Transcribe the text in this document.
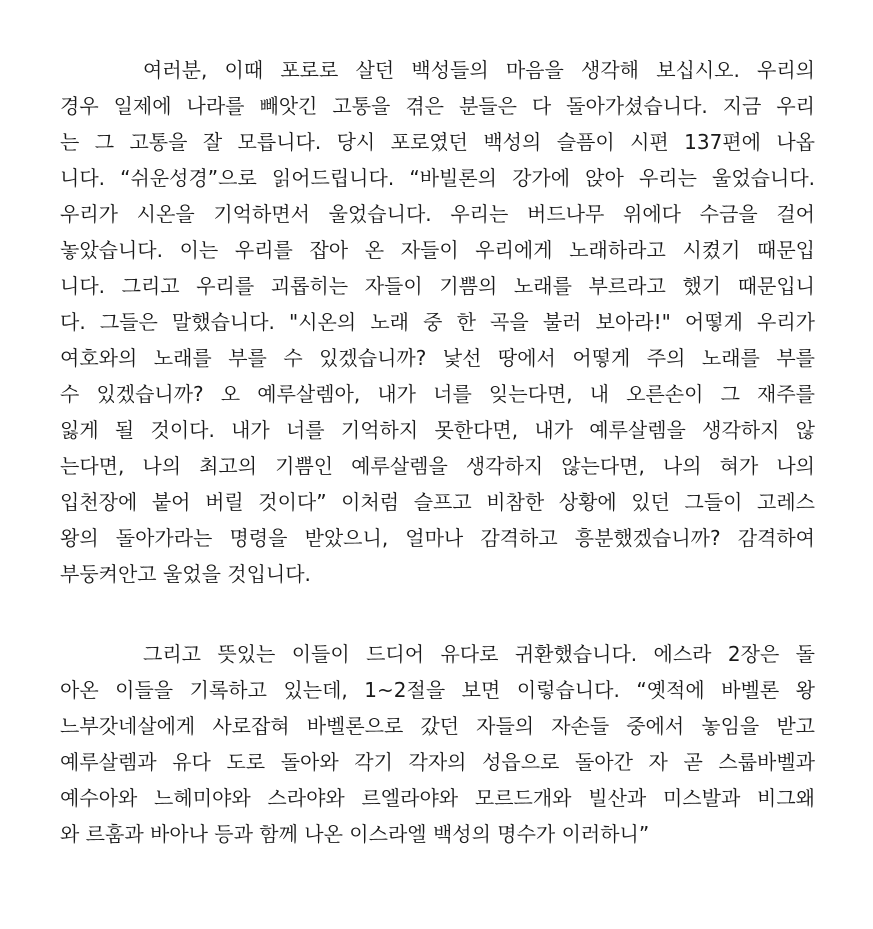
여러분, 이때 포로로 살던 백성들의 마음을 생각해 보십시오. 우리의
경우 일제에 나라를 빼앗긴 고통을 겪은 분들은 다 돌아가셨습니다. 지금 우리
는 그 고통을 잘 모릅니다. 당시 포로였던 백성의 슬픔이 시편 137편에 나옵
니다. “쉬운성경”으로 읽어드립니다. “바빌론의 강가에 앉아 우리는 울었습니다.
우리가 시온을 기억하면서 울었습니다. 우리는 버드나무 위에다 수금을 걸어
놓았습니다. 이는 우리를 잡아 온 자들이 우리에게 노래하라고 시켰기 때문입
니다. 그리고 우리를 괴롭히는 자들이 기쁨의 노래를 부르라고 했기 때문입니
다. 그들은 말했습니다. "시온의 노래 중 한 곡을 불러 보아라!" 어떻게 우리가
여호와의 노래를 부를 수 있겠습니까? 낯선 땅에서 어떻게 주의 노래를 부를
수 있겠습니까? 오 예루살렘아, 내가 너를 잊는다면, 내 오른손이 그 재주를
잃게 될 것이다. 내가 너를 기억하지 못한다면, 내가 예루살렘을 생각하지 않
는다면, 나의 최고의 기쁨인 예루살렘을 생각하지 않는다면, 나의 혀가 나의
입천장에 붙어 버릴 것이다” 이처럼 슬프고 비참한 상황에 있던 그들이 고레스
왕의 돌아가라는 명령을 받았으니, 얼마나 감격하고 흥분했겠습니까? 감격하여
부둥켜안고 울었을 것입니다.
그리고 뜻있는 이들이 드디어 유다로 귀환했습니다. 에스라 2장은 돌
아온 이들을 기록하고 있는데, 1~2절을 보면 이렇습니다. “옛적에 바벨론 왕
느부갓네살에게 사로잡혀 바벨론으로 갔던 자들의 자손들 중에서 놓임을 받고
예루살렘과 유다 도로 돌아와 각기 각자의 성읍으로 돌아간 자 곧 스룹바벨과
예수아와 느헤미야와 스라야와 르엘라야와 모르드개와 빌산과 미스발과 비그왜
와 르훔과 바아나 등과 함께 나온 이스라엘 백성의 명수가 이러하니”
